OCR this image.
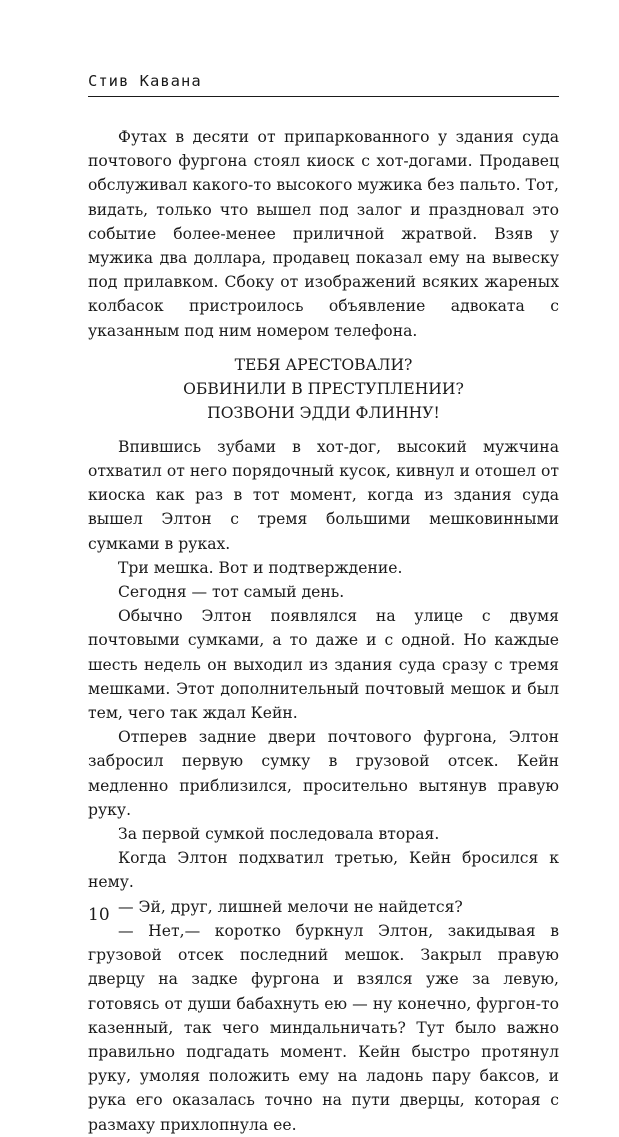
Стив Кавана

Футах в десяти от припаркованного у здания суда почтового фургона стоял киоск с хот-догами. Продавец обслуживал какого-то высокого мужика без пальто. Тот, видать, только что вышел под залог и праздновал это событие более-менее приличной жратвой. Взяв у мужика два доллара, продавец показал ему на вывеску под прилавком. Сбоку от изображений всяких жареных колбасок пристроилось объявление адвоката с указанным под ним номером телефона.

ТЕБЯ АРЕСТОВАЛИ?

ОБВИНИЛИ В ПРЕСТУПЛЕНИИ?

ПОЗВОНИ ЭДДИ ФЛИННУ!

Впившись зубами в хот-дог, высокий мужчина отхватил от него порядочный кусок, кивнул и отошел от киоска как раз в тот момент, когда из здания суда вышел Элтон с тремя большими мешковинными сумками в руках.

Три мешка. Вот и подтверждение.

Сегодня — тот самый день.

Обычно Элтон появлялся на улице с двумя почтовыми сумками, а то даже и с одной. Но каждые шесть недель он выходил из здания суда сразу с тремя мешками. Этот дополнительный почтовый мешок и был тем, чего так ждал Кейн.

Отперев задние двери почтового фургона, Элтон забросил первую сумку в грузовой отсек. Кейн медленно приблизился, просительно вытянув правую руку.

За первой сумкой последовала вторая.

Когда Элтон подхватил третью, Кейн бросился к нему.

— Эй, друг, лишней мелочи не найдется?

— Нет,— коротко буркнул Элтон, закидывая в грузовой отсек последний мешок. Закрыл правую дверцу на задке фургона и взялся уже за левую, готовясь от души бабахнуть ею — ну конечно, фургон-то казенный, так чего миндальничать? Тут было важно правильно подгадать момент. Кейн быстро протянул руку, умоляя положить ему на ладонь пару баксов, и рука его оказалась точно на пути дверцы, которая с размаху прихлопнула ее.

10
